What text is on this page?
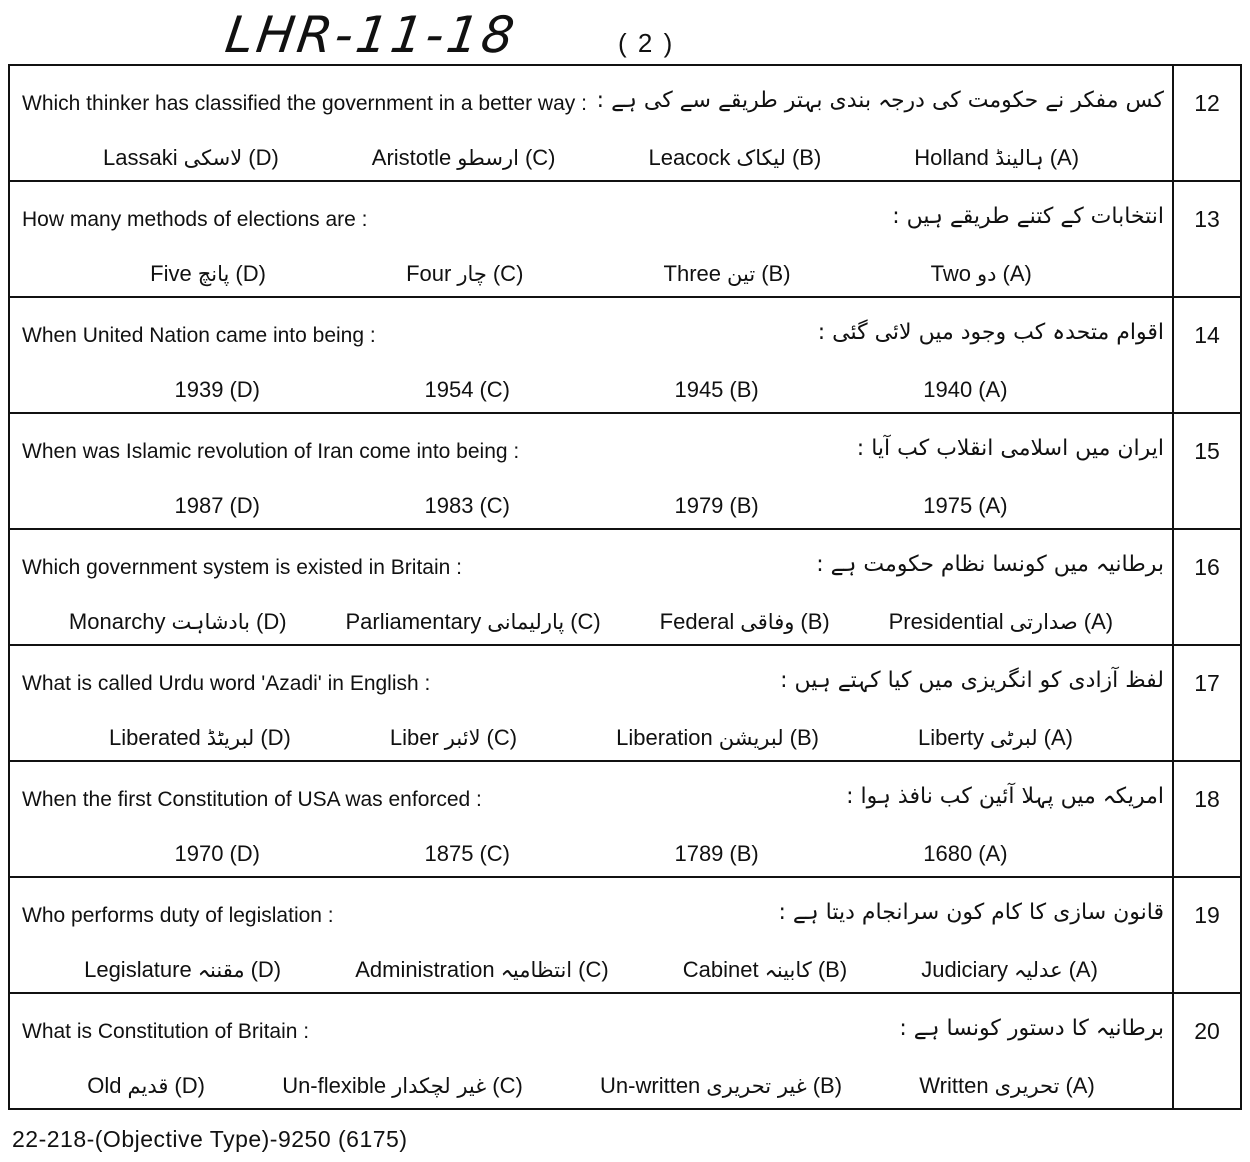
LHR-11-18	( 2 )
Which thinker has classified the government in a better way : کس مفکر نے حکومت کی درجہ بندی بہتر طریقے سے کی ہے :	12
Holland ہالینڈ (A)
Leacock لیکاک (B)
Aristotle ارسطو (C)
Lassaki لاسکی (D)
How many methods of elections are :	انتخابات کے کتنے طریقے ہیں :	13
Two دو (A)
Three تین (B)
Four چار (C)
Five پانچ (D)
When United Nation came into being :	اقوام متحدہ کب وجود میں لائی گئی :	14
1940 (A)
1945 (B)
1954 (C)
1939 (D)
When was Islamic revolution of Iran come into being :	ایران میں اسلامی انقلاب کب آیا :	15
1975 (A)
1979 (B)
1983 (C)
1987 (D)
Which government system is existed in Britain :	برطانیہ میں کونسا نظام حکومت ہے :	16
Presidential صدارتی (A)
Federal وفاقی (B)
Parliamentary پارلیمانی (C)
Monarchy بادشاہت (D)
What is called Urdu word 'Azadi' in English :	لفظ آزادی کو انگریزی میں کیا کہتے ہیں :	17
Liberty لبرٹی (A)
Liberation لبریشن (B)
Liber لائبر (C)
Liberated لبریٹڈ (D)
When the first Constitution of USA was enforced :	امریکہ میں پہلا آئین کب نافذ ہوا :	18
1680 (A)
1789 (B)
1875 (C)
1970 (D)
Who performs duty of legislation :	قانون سازی کا کام کون سرانجام دیتا ہے :	19
Judiciary عدلیہ (A)
Cabinet کابینہ (B)
Administration انتظامیہ (C)
Legislature مقننہ (D)
What is Constitution of Britain :	برطانیہ کا دستور کونسا ہے :	20
Written تحریری (A)
Un-written غیر تحریری (B)
Un-flexible غیر لچکدار (C)
Old قدیم (D)
22-218-(Objective Type)-9250 (6175)
